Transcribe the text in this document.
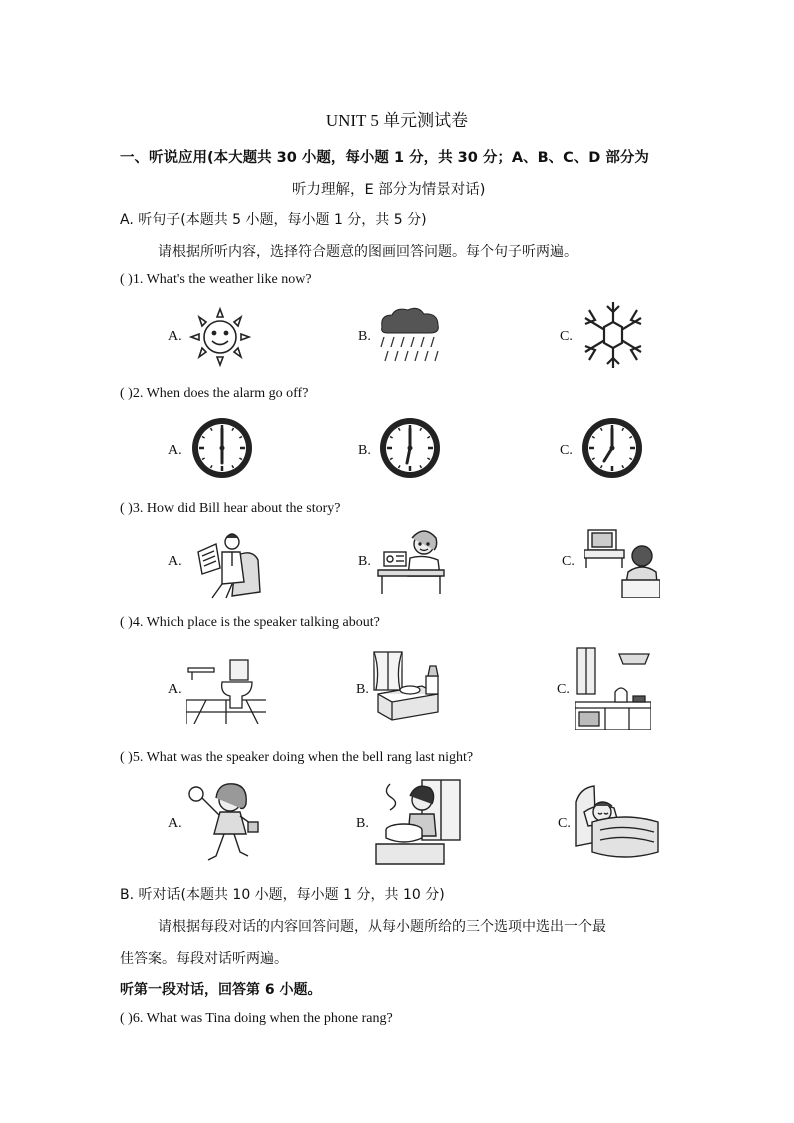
UNIT 5 单元测试卷
一、听说应用(本大题共 30 小题，每小题 1 分，共 30 分；A、B、C、D 部分为
听力理解，E 部分为情景对话)
A. 听句子(本题共 5 小题，每小题 1 分，共 5 分)
请根据所听内容，选择符合题意的图画回答问题。每个句子听两遍。
( )1. What's the weather like now?
A.	B.	C.
( )2. When does the alarm go off?
A.	B.	C.
( )3. How did Bill hear about the story?
A.	B.	C.
( )4. Which place is the speaker talking about?
A.	B.	C.
( )5. What was the speaker doing when the bell rang last night?
A.	B.	C.
B. 听对话(本题共 10 小题，每小题 1 分，共 10 分)
请根据每段对话的内容回答问题，从每小题所给的三个选项中选出一个最
佳答案。每段对话听两遍。
听第一段对话，回答第 6 小题。
( )6. What was Tina doing when the phone rang?
